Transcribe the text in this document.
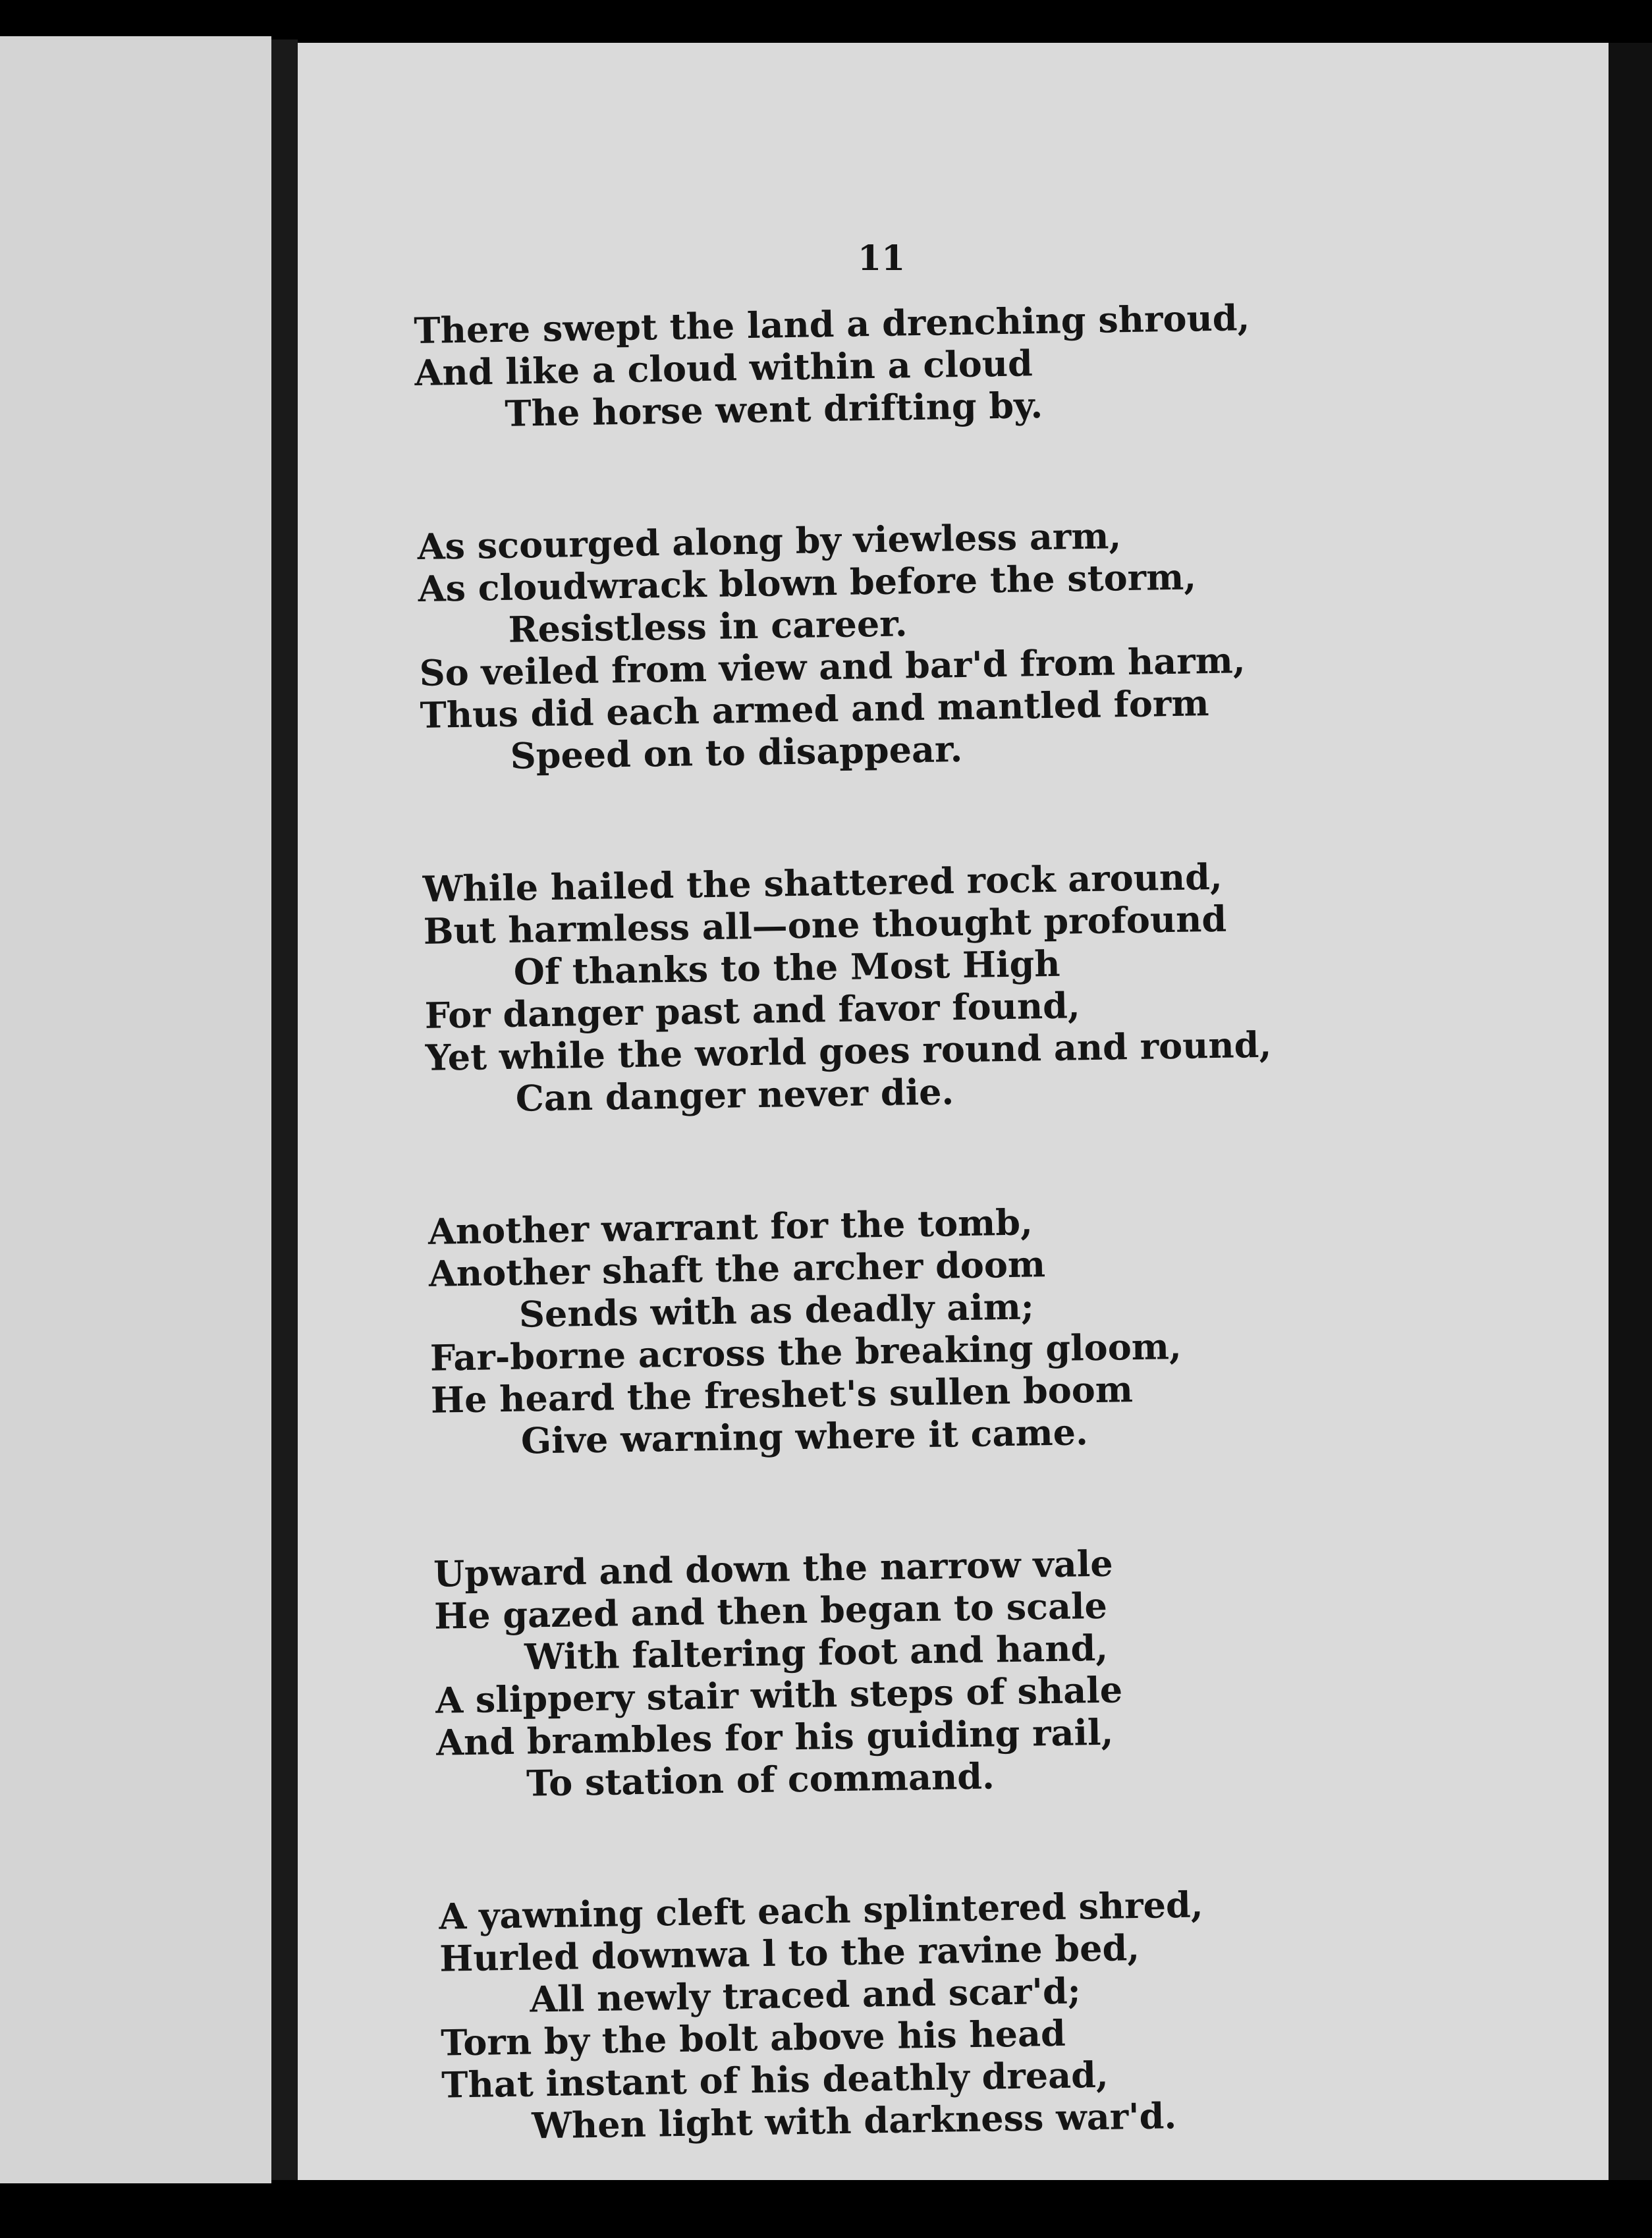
11
There swept the land a drenching shroud,
And like a cloud within a cloud
The horse went drifting by.
As scourged along by viewless arm,
As cloudwrack blown before the storm,
Resistless in career.
So veiled from view and bar'd from harm,
Thus did each armed and mantled form
Speed on to disappear.
While hailed the shattered rock around,
But harmless all—one thought profound
Of thanks to the Most High
For danger past and favor found,
Yet while the world goes round and round,
Can danger never die.
Another warrant for the tomb,
Another shaft the archer doom
Sends with as deadly aim;
Far-borne across the breaking gloom,
He heard the freshet's sullen boom
Give warning where it came.
Upward and down the narrow vale
He gazed and then began to scale
With faltering foot and hand,
A slippery stair with steps of shale
And brambles for his guiding rail,
To station of command.
A yawning cleft each splintered shred,
Hurled downwa l to the ravine bed,
All newly traced and scar'd;
Torn by the bolt above his head
That instant of his deathly dread,
When light with darkness war'd.
